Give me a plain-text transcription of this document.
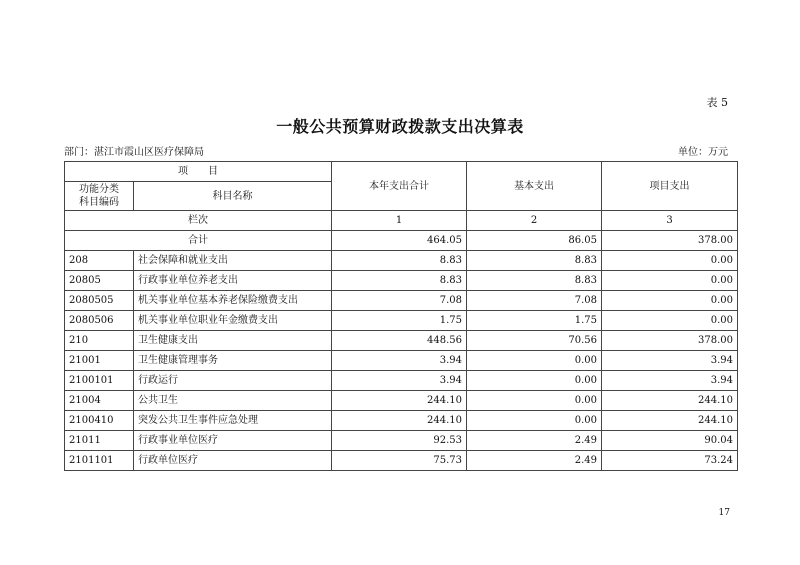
表 5
一般公共预算财政拨款支出决算表
部门：湛江市霞山区医疗保障局	单位：万元
项　　目		本年支出合计	基本支出	项目支出

功能分类
科目编码	科目名称			
栏次		1	2	3
合计		464.05	86.05	378.00
208	社会保障和就业支出	8.83	8.83	0.00
20805	行政事业单位养老支出	8.83	8.83	0.00
2080505	机关事业单位基本养老保险缴费支出	7.08	7.08	0.00
2080506	机关事业单位职业年金缴费支出	1.75	1.75	0.00
210	卫生健康支出	448.56	70.56	378.00
21001	卫生健康管理事务	3.94	0.00	3.94
2100101	行政运行	3.94	0.00	3.94
21004	公共卫生	244.10	0.00	244.10
2100410	突发公共卫生事件应急处理	244.10	0.00	244.10
21011	行政事业单位医疗	92.53	2.49	90.04
2101101	行政单位医疗	75.73	2.49	73.24
17
